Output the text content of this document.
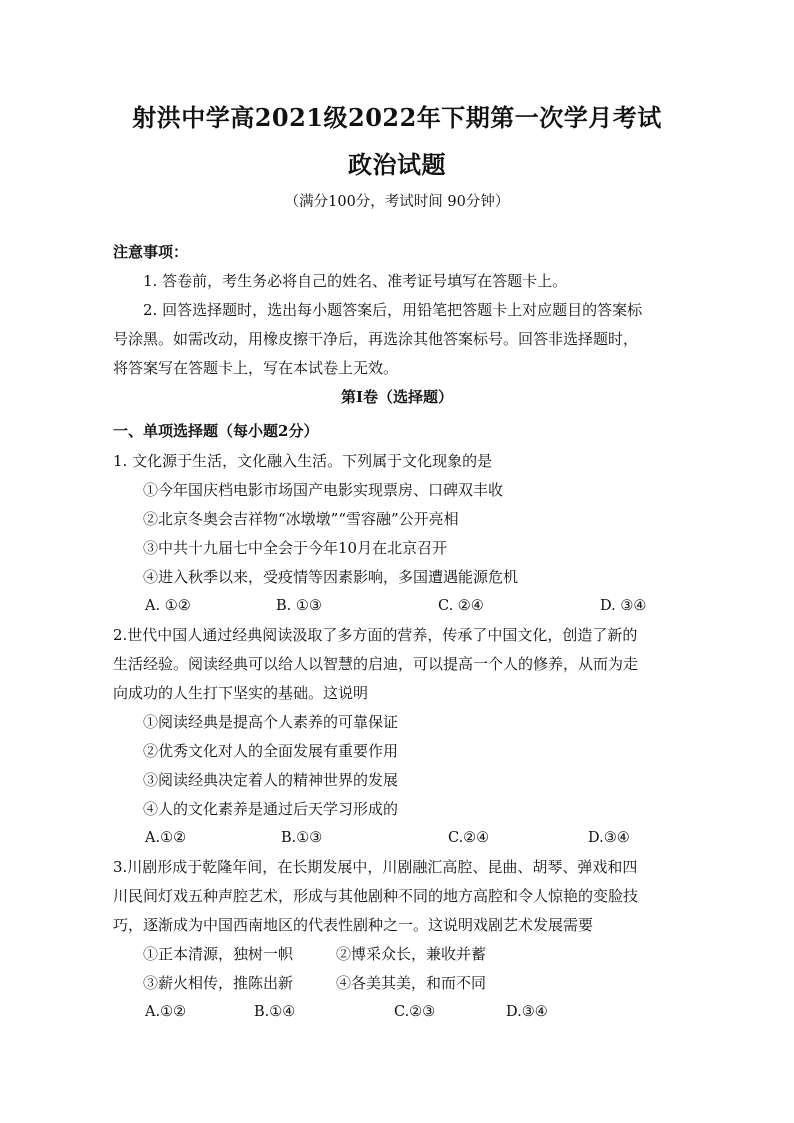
射洪中学高2021级2022年下期第一次学月考试
政治试题
（满分100分，考试时间 90分钟）
注意事项：
1. 答卷前，考生务必将自己的姓名、准考证号填写在答题卡上。
2. 回答选择题时，选出每小题答案后，用铅笔把答题卡上对应题目的答案标
号涂黑。如需改动，用橡皮擦干净后，再选涂其他答案标号。回答非选择题时，
将答案写在答题卡上，写在本试卷上无效。
第Ⅰ卷（选择题）
一、单项选择题（每小题2分）
1. 文化源于生活，文化融入生活。下列属于文化现象的是
①今年国庆档电影市场国产电影实现票房、口碑双丰收
②北京冬奥会吉祥物“冰墩墩”“雪容融”公开亮相
③中共十九届七中全会于今年10月在北京召开
④进入秋季以来，受疫情等因素影响，多国遭遇能源危机
A. ①②	B. ①③	C. ②④	D. ③④
2.世代中国人通过经典阅读汲取了多方面的营养，传承了中国文化，创造了新的
生活经验。阅读经典可以给人以智慧的启迪，可以提高一个人的修养，从而为走
向成功的人生打下坚实的基础。这说明
①阅读经典是提高个人素养的可靠保证
②优秀文化对人的全面发展有重要作用
③阅读经典决定着人的精神世界的发展
④人的文化素养是通过后天学习形成的
A.①②	B.①③	C.②④	D.③④
3.川剧形成于乾隆年间，在长期发展中，川剧融汇高腔、昆曲、胡琴、弹戏和四
川民间灯戏五种声腔艺术，形成与其他剧种不同的地方高腔和令人惊艳的变脸技
巧，逐渐成为中国西南地区的代表性剧种之一。这说明戏剧艺术发展需要
①正本清源，独树一帜	②博采众长，兼收并蓄
③薪火相传，推陈出新	④各美其美，和而不同
A.①②	B.①④	C.②③	D.③④
